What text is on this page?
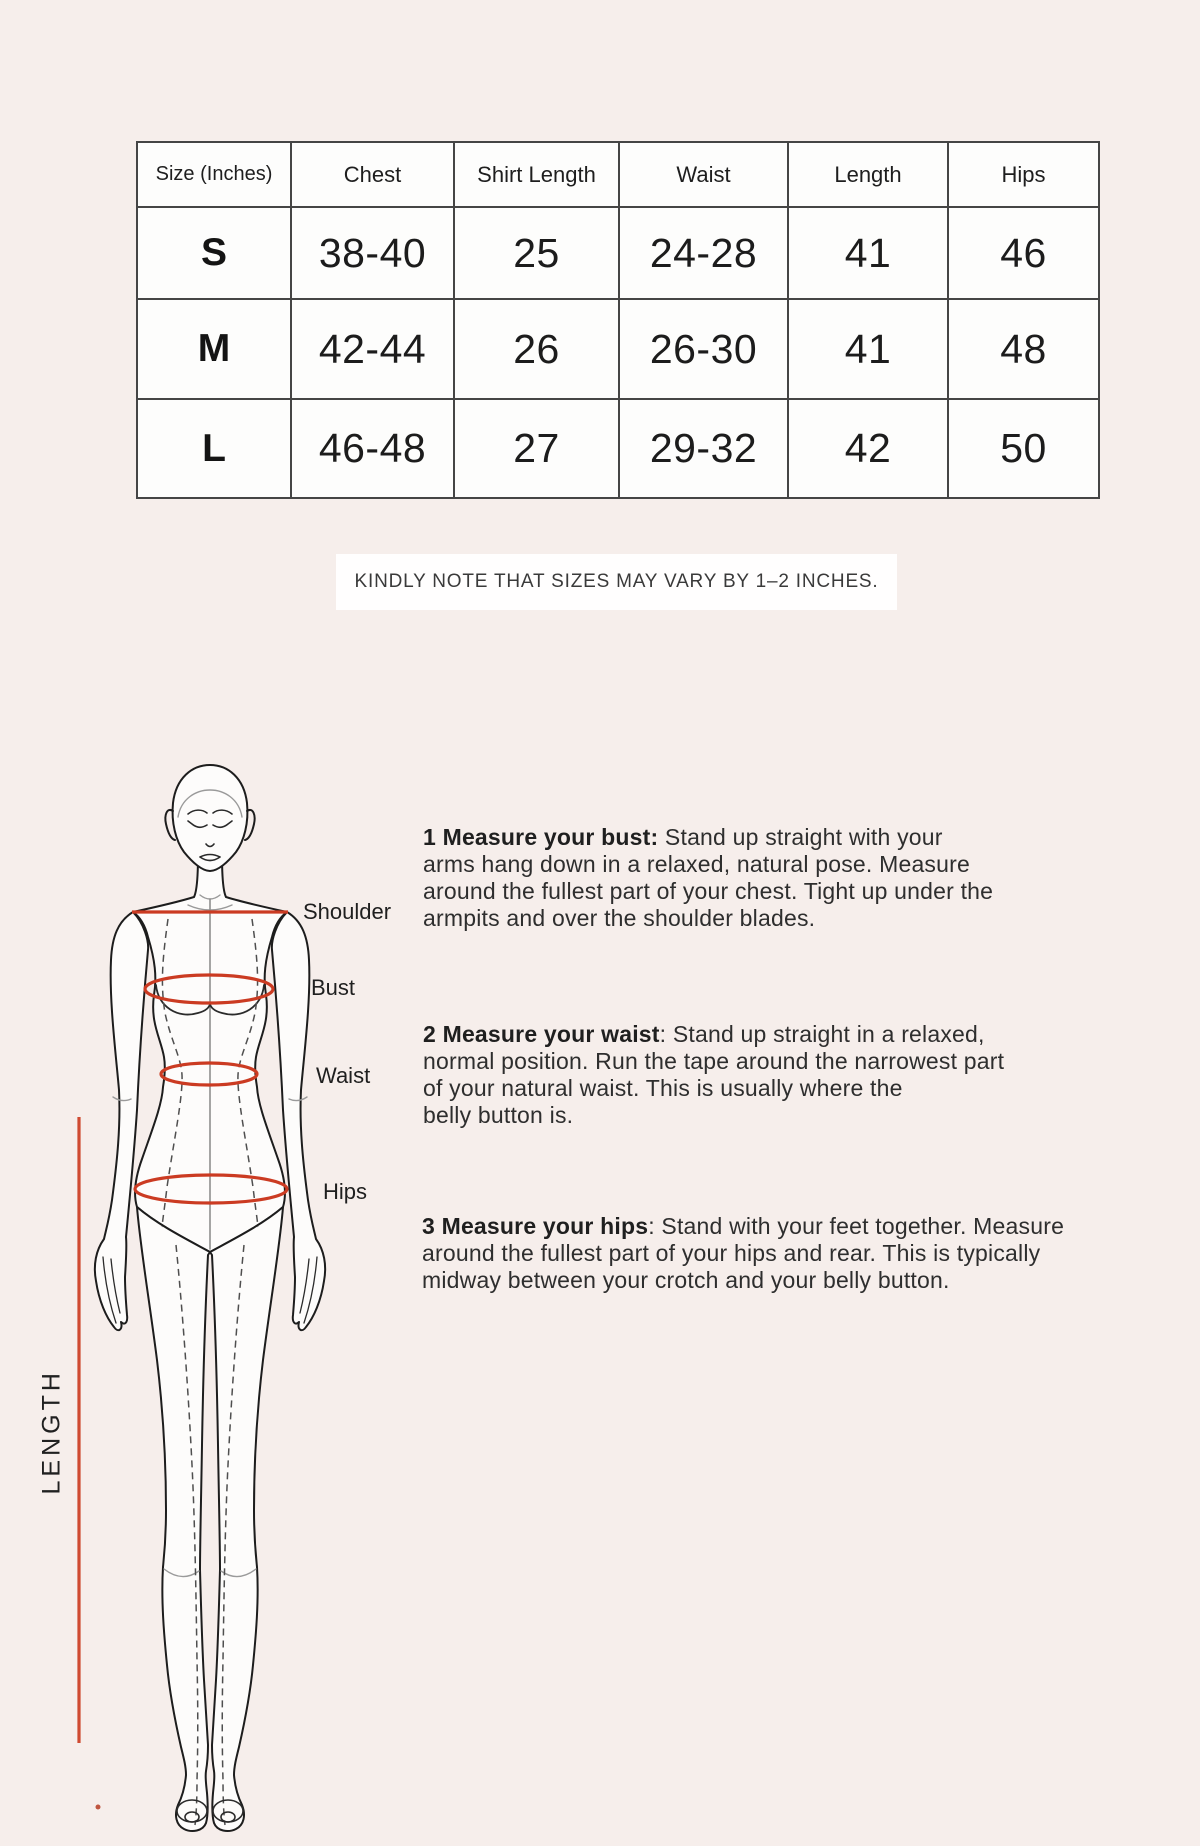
Size (Inches)	Chest	Shirt Length	Waist	Length	Hips
S	38-40	25	24-28	41	46
M	42-44	26	26-30	41	48
L	46-48	27	29-32	42	50
KINDLY NOTE THAT SIZES MAY VARY BY 1–2 INCHES.
Shoulder
Bust
Waist
Hips
LENGTH
1 Measure your bust: Stand up straight with your
arms hang down in a relaxed, natural pose. Measure
around the fullest part of your chest. Tight up under the
armpits and over the shoulder blades.
2 Measure your waist: Stand up straight in a relaxed,
normal position. Run the tape around the narrowest part
of your natural waist. This is usually where the
belly button is.
3 Measure your hips: Stand with your feet together. Measure
around the fullest part of your hips and rear. This is typically
midway between your crotch and your belly button.
